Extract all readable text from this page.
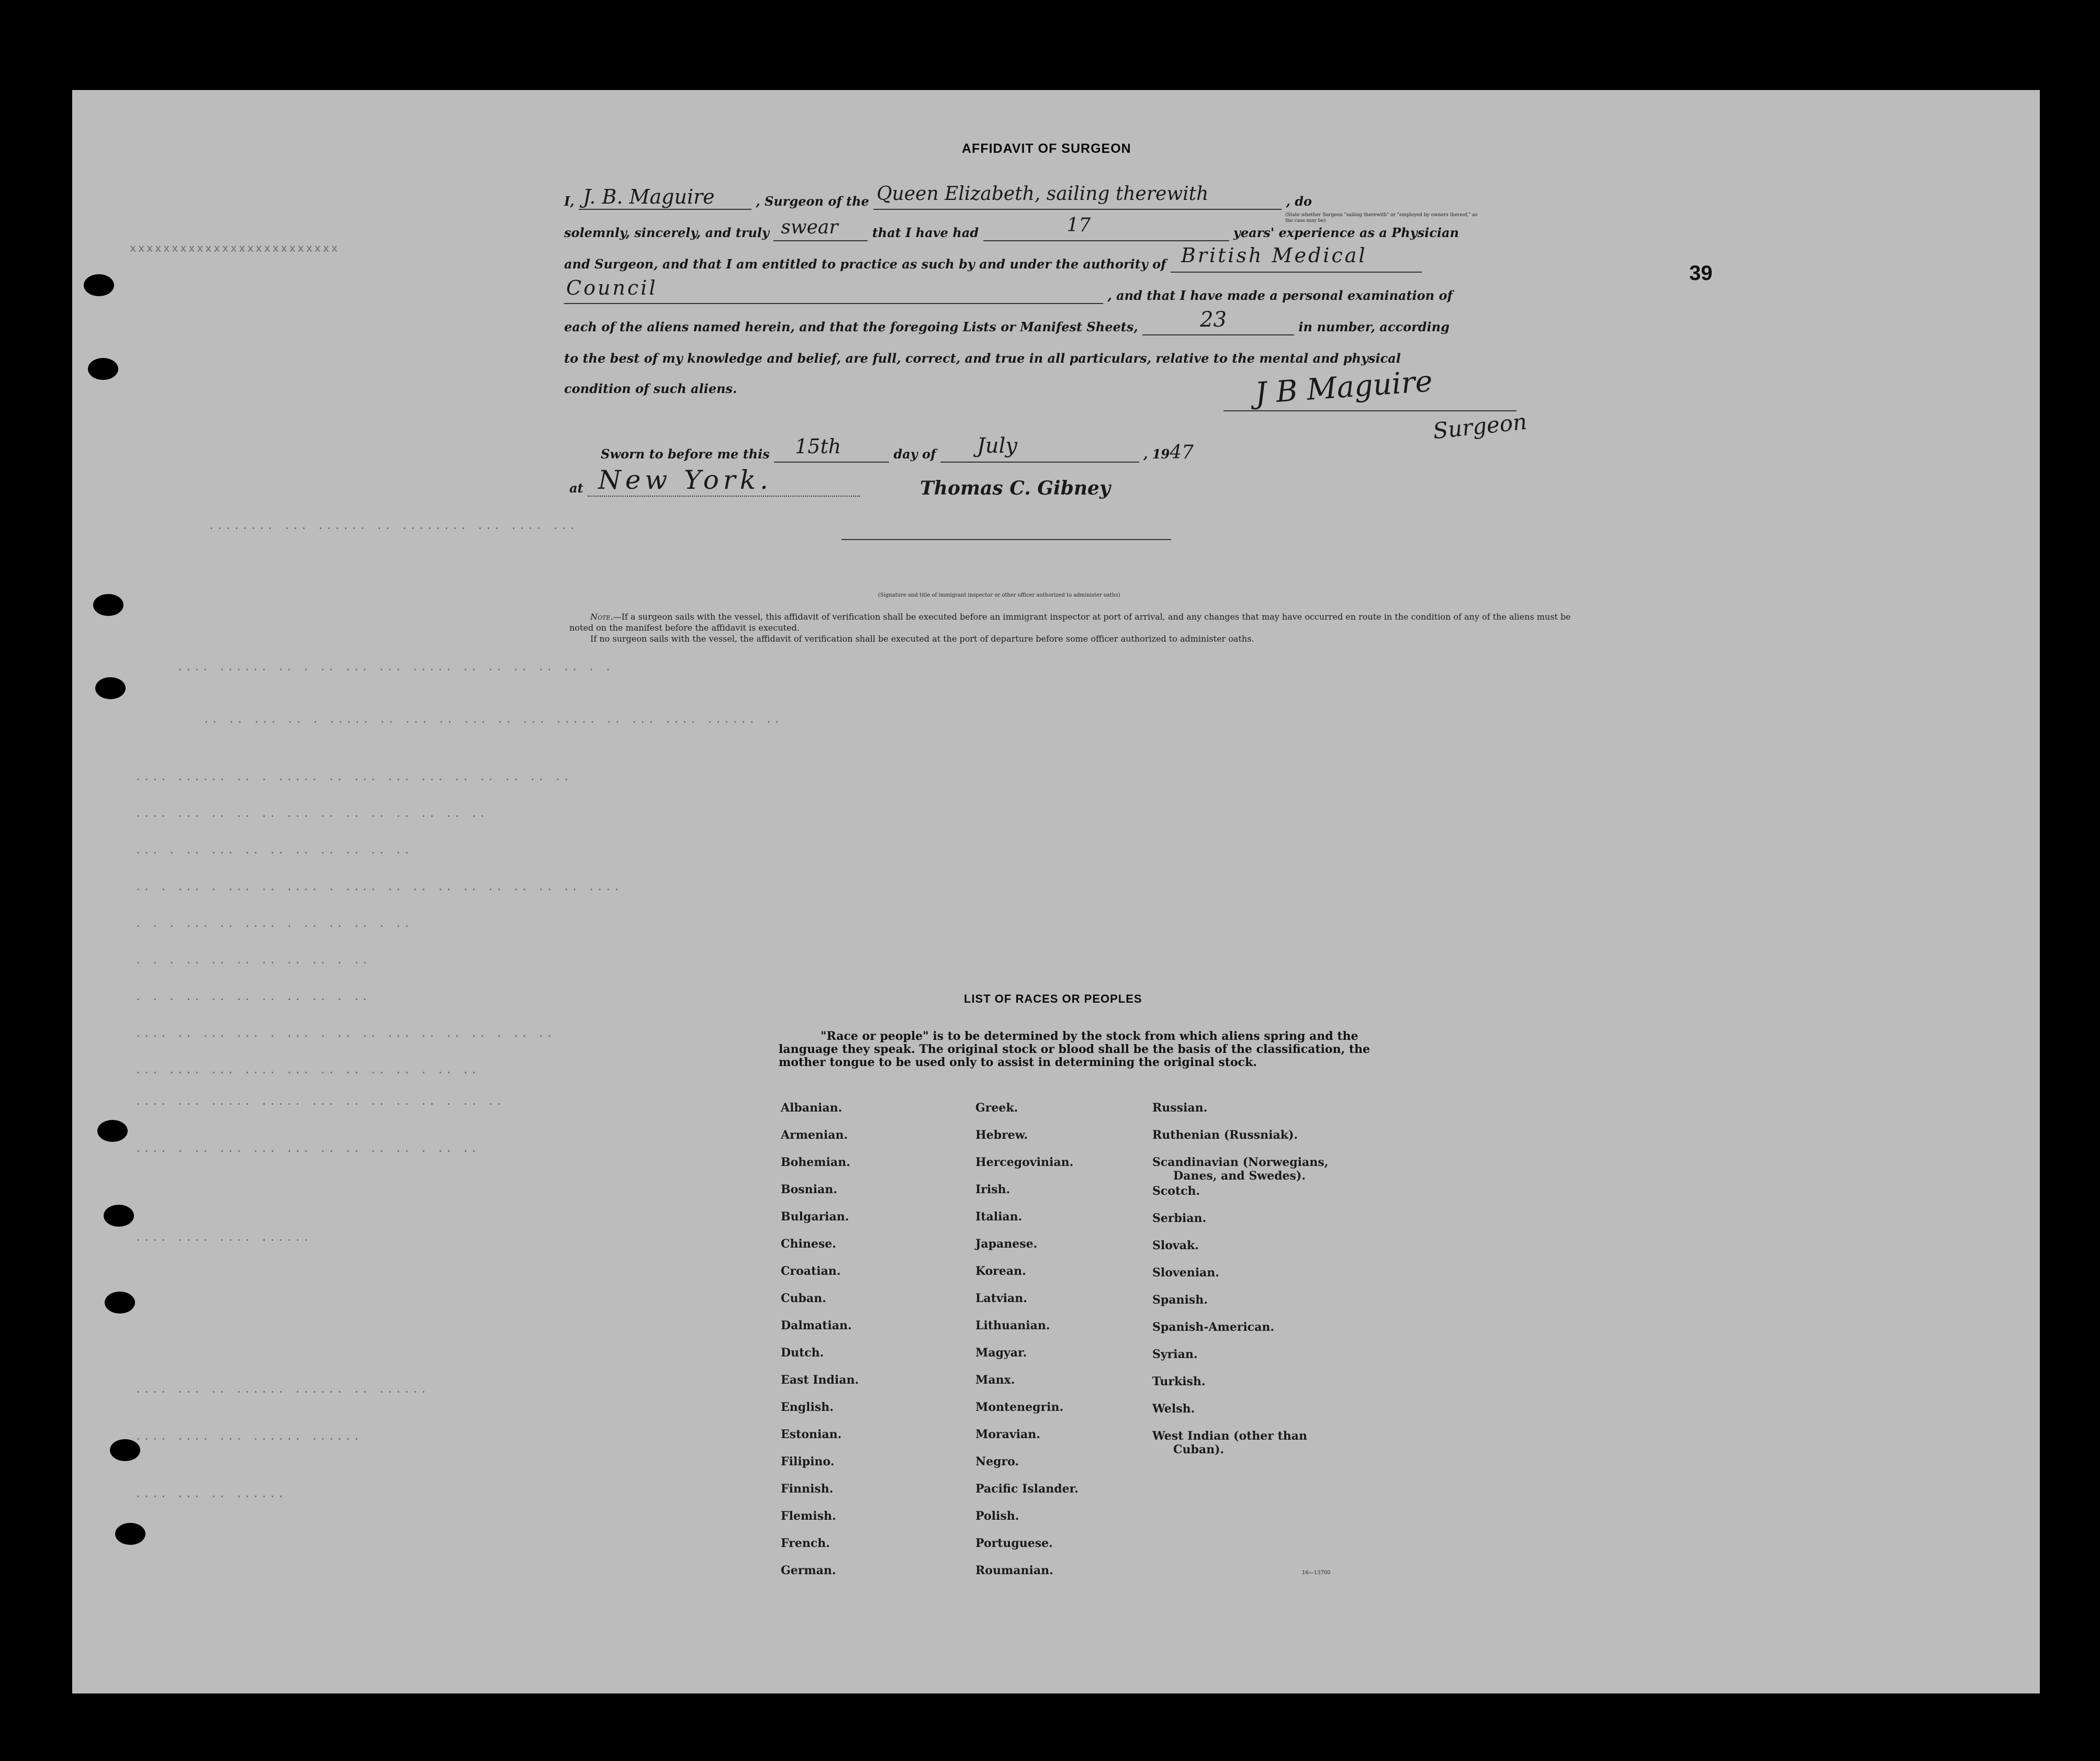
xxxxxxxxxxxxxxxxxxxxxxxxx
........ ... ...... .. ........ ... .... ...
.... ...... .. . .. ... ... ..... .. .. .. .. .. . .
.. .. ... .. . ..... .. ... .. ... .. ... ..... .. ... .... ...... ..
.... ...... .. . ..... .. ... ... ... .. .. .. .. ..
.... ... .. .. .. ... .. .. .. .. .. .. ..
... . .. ... .. .. .. .. .. .. ..
.. . ... . ... .. .... . .... .. .. .. .. .. .. .. .. ....
. . . ... .. .... . .. .. .. . ..
. . . .. .. .. .. .. .. . ..
. . . .. .. .. .. .. .. . ..
.... .. ... ... . ... . .. .. ... .. .. .. . .. ..
... .... ... .... ... .. .. .. .. . .. ..
.... ... ..... ..... ... .. .. .. .. . .. ..
.... . .. ... ... ... .. .. .. .. . .. ..
.... .... .... ......
.... ... .. ...... ...... .. ......
.... .... ... ...... ......
.... ... .. ......
39
AFFIDAVIT OF SURGEON
I, J. B. Maguire	, Surgeon of the Queen Elizabeth, sailing therewith	, do
(State whether Surgeon "sailing therewith" or "employed by owners thereof," as the case may be)
solemnly, sincerely, and truly swear	that I have had	17	years' experience as a Physician
and Surgeon, and that I am entitled to practice as such by and under the authority of British Medical

Council	, and that I have made a personal examination of
each of the aliens named herein, and that the foregoing Lists or Manifest Sheets,	23	in number, according
to the best of my knowledge and belief, are full, correct, and true in all particulars, relative to the mental and physical
condition of such aliens.	J B Maguire
Surgeon
Sworn to before me this 15th	day of July	, 1947
at New York.
	Thomas C. Gibney
(Signature and title of immigrant inspector or other officer authorized to administer oaths)
Note.—If a surgeon sails with the vessel, this affidavit of verification shall be executed before an immigrant inspector at port of arrival, and any changes that may have occurred en route in the condition of any of the aliens must be noted on the manifest before the affidavit is executed.
If no surgeon sails with the vessel, the affidavit of verification shall be executed at the port of departure before some officer authorized to administer oaths.
LIST OF RACES OR PEOPLES
"Race or people" is to be determined by the stock from which aliens spring and the language they speak. The original stock or blood shall be the basis of the classification, the mother tongue to be used only to assist in determining the original stock.
Albanian.
Armenian.
Bohemian.
Bosnian.
Bulgarian.
Chinese.
Croatian.
Cuban.
Dalmatian.
Dutch.
East Indian.
English.
Estonian.
Filipino.
Finnish.
Flemish.
French.
German.
Greek.
Hebrew.
Hercegovinian.
Irish.
Italian.
Japanese.
Korean.
Latvian.
Lithuanian.
Magyar.
Manx.
Montenegrin.
Moravian.
Negro.
Pacific Islander.
Polish.
Portuguese.
Roumanian.
Russian.
Ruthenian (Russniak).
Scandinavian (Norwegians,
Danes, and Swedes).
Scotch.
Serbian.
Slovak.
Slovenian.
Spanish.
Spanish-American.
Syrian.
Turkish.
Welsh.
West Indian (other than
Cuban).
16—13700
